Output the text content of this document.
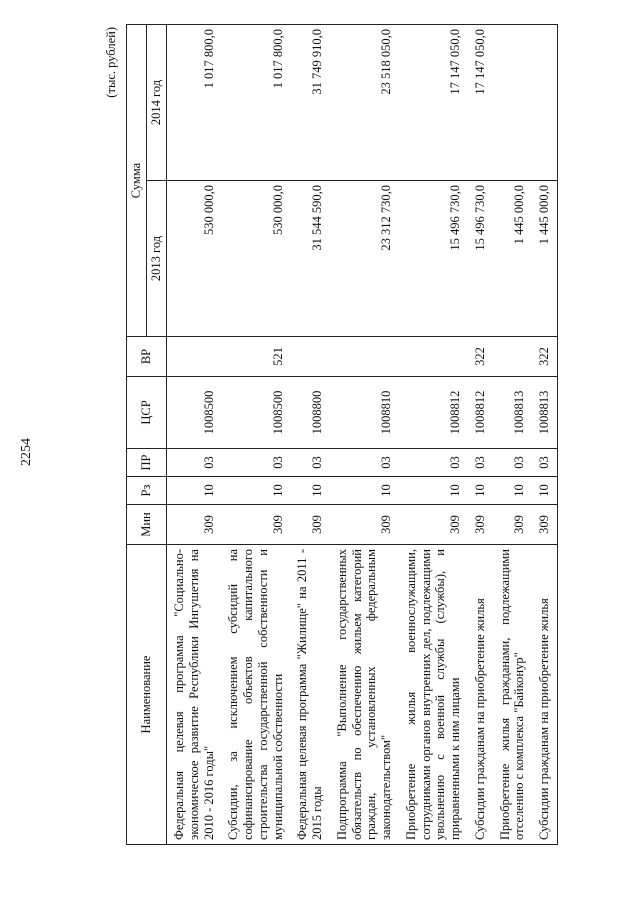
2254
(тыс. рублей)
Наименование	Мин	Рз	ПР	ЦСР	ВР	Сумма	
						2013 год	2014 год
Федеральная целевая программа "Социально-экономическое развитие Республики Ингушетия на 2010 - 2016 годы"	309	10	03	1008500		530 000,0	1 017 800,0
Субсидии, за исключением субсидий на софинансирование объектов капитального строительства государственной собственности и муниципальной собственности	309	10	03	1008500	521	530 000,0	1 017 800,0
Федеральная целевая программа "Жилище" на 2011 - 2015 годы	309	10	03	1008800		31 544 590,0	31 749 910,0
Подпрограмма "Выполнение государственных обязательств по обеспечению жильем категорий граждан, установленных федеральным законодательством"	309	10	03	1008810		23 312 730,0	23 518 050,0
Приобретение жилья военнослужащими, сотрудниками органов внутренних дел, подлежащими увольнению с военной службы (службы), и приравненными к ним лицами	309	10	03	1008812		15 496 730,0	17 147 050,0
Субсидии гражданам на приобретение жилья	309	10	03	1008812	322	15 496 730,0	17 147 050,0
Приобретение жилья гражданами, подлежащими отселению с комплекса "Байконур"	309	10	03	1008813		1 445 000,0	
Субсидии гражданам на приобретение жилья	309	10	03	1008813	322	1 445 000,0	
